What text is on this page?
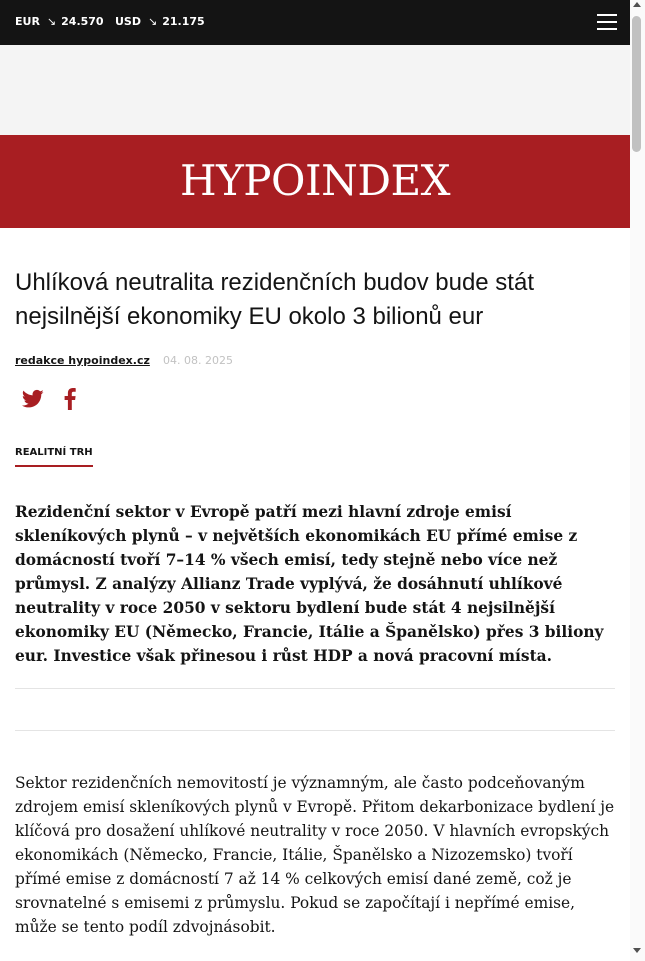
EUR ↘ 24.570 USD ↘ 21.175
HYPOINDEX
Uhlíková neutralita rezidenčních budov bude stát nejsilnější ekonomiky EU okolo 3 bilionů eur
redakce hypoindex.cz 04. 08. 2025
REALITNÍ TRH

Rezidenční sektor v Evropě patří mezi hlavní zdroje emisí skleníkových plynů – v největších ekonomikách EU přímé emise z domácností tvoří 7–14 % všech emisí, tedy stejně nebo více než průmysl. Z analýzy Allianz Trade vyplývá, že dosáhnutí uhlíkové neutrality v roce 2050 v sektoru bydlení bude stát 4 nejsilnější ekonomiky EU (Německo, Francie, Itálie a Španělsko) přes 3 biliony eur. Investice však přinesou i růst HDP a nová pracovní místa.

Sektor rezidenčních nemovitostí je významným, ale často podceňovaným zdrojem emisí skleníkových plynů v Evropě. Přitom dekarbonizace bydlení je klíčová pro dosažení uhlíkové neutrality v roce 2050. V hlavních evropských ekonomikách (Německo, Francie, Itálie, Španělsko a Nizozemsko) tvoří přímé emise z domácností 7 až 14 % celkových emisí dané země, což je srovnatelné s emisemi z průmyslu. Pokud se započítají i nepřímé emise, může se tento podíl zdvojnásobit.
